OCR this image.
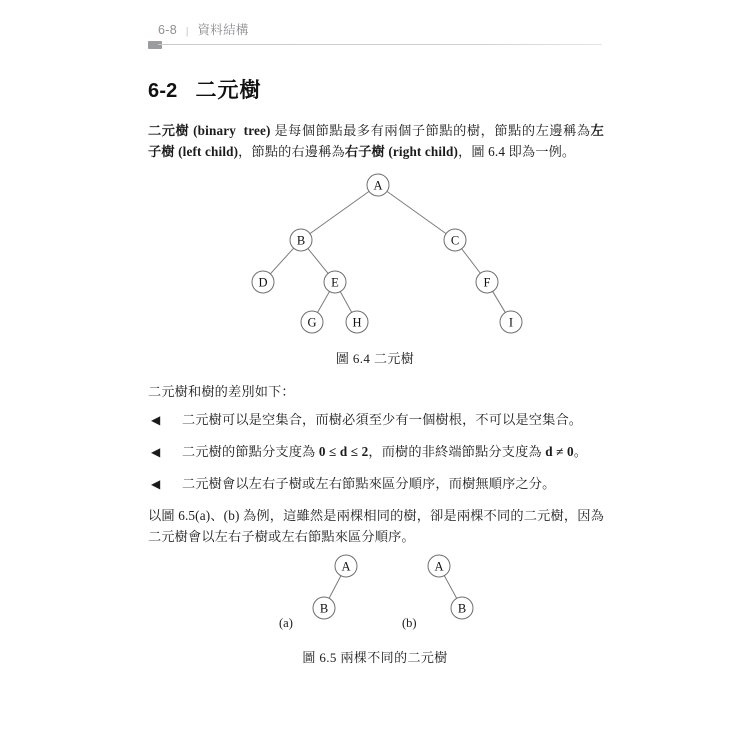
6-8 | 資料結構
6-2 二元樹
二元樹 (binary  tree) 是每個節點最多有兩個子節點的樹，節點的左邊稱為左子樹 (left child)，節點的右邊稱為右子樹 (right child)，圖 6.4 即為一例。
A
B	C
D	E	F
G	H	I
圖 6.4 二元樹
二元樹和樹的差別如下：
◀	二元樹可以是空集合，而樹必須至少有一個樹根，不可以是空集合。
◀	二元樹的節點分支度為 0 ≤ d ≤ 2，而樹的非終端節點分支度為 d ≠ 0。
◀	二元樹會以左右子樹或左右節點來區分順序，而樹無順序之分。
以圖 6.5(a)、(b) 為例，這雖然是兩棵相同的樹，卻是兩棵不同的二元樹，因為二元樹會以左右子樹或左右節點來區分順序。
A
B
A
B
(a)	(b)
圖 6.5 兩棵不同的二元樹
